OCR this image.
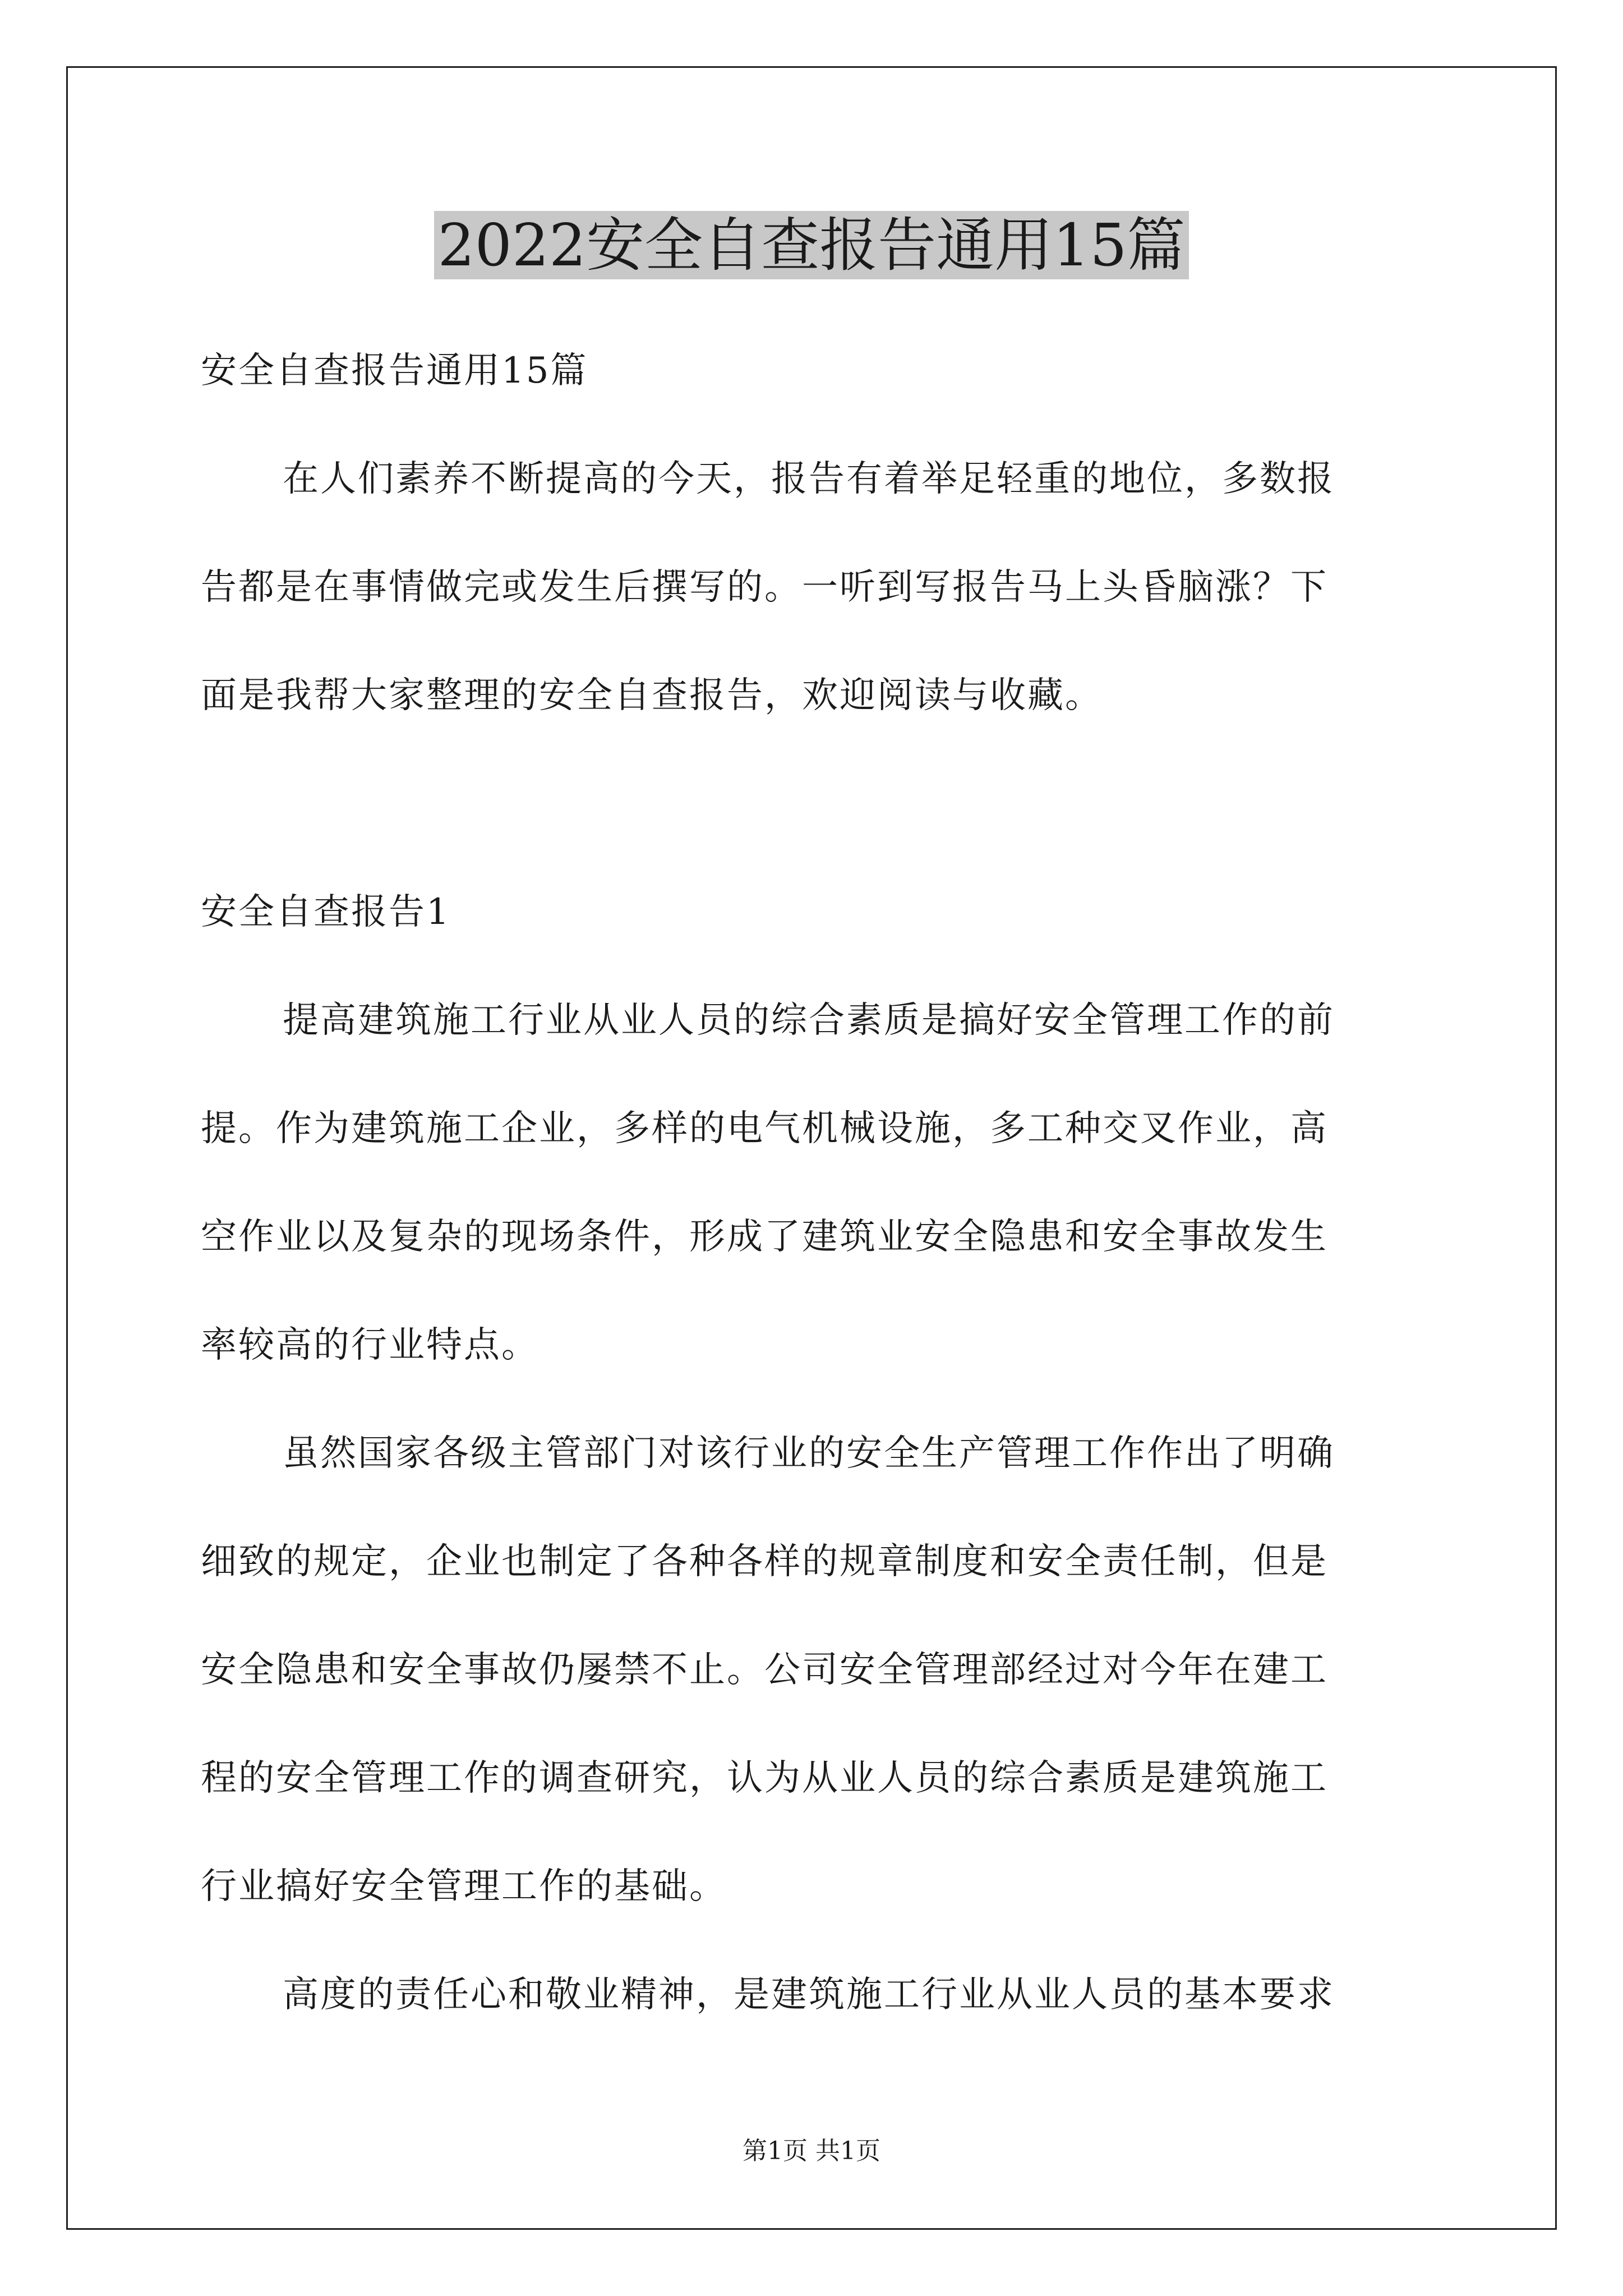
2022安全自查报告通用15篇
安全自查报告通用15篇
在人们素养不断提高的今天，报告有着举足轻重的地位，多数报
告都是在事情做完或发生后撰写的。一听到写报告马上头昏脑涨？下
面是我帮大家整理的安全自查报告，欢迎阅读与收藏。
安全自查报告1
提高建筑施工行业从业人员的综合素质是搞好安全管理工作的前
提。作为建筑施工企业，多样的电气机械设施，多工种交叉作业，高
空作业以及复杂的现场条件，形成了建筑业安全隐患和安全事故发生
率较高的行业特点。
虽然国家各级主管部门对该行业的安全生产管理工作作出了明确
细致的规定，企业也制定了各种各样的规章制度和安全责任制，但是
安全隐患和安全事故仍屡禁不止。公司安全管理部经过对今年在建工
程的安全管理工作的调查研究，认为从业人员的综合素质是建筑施工
行业搞好安全管理工作的基础。
高度的责任心和敬业精神，是建筑施工行业从业人员的基本要求
第1页 共1页
